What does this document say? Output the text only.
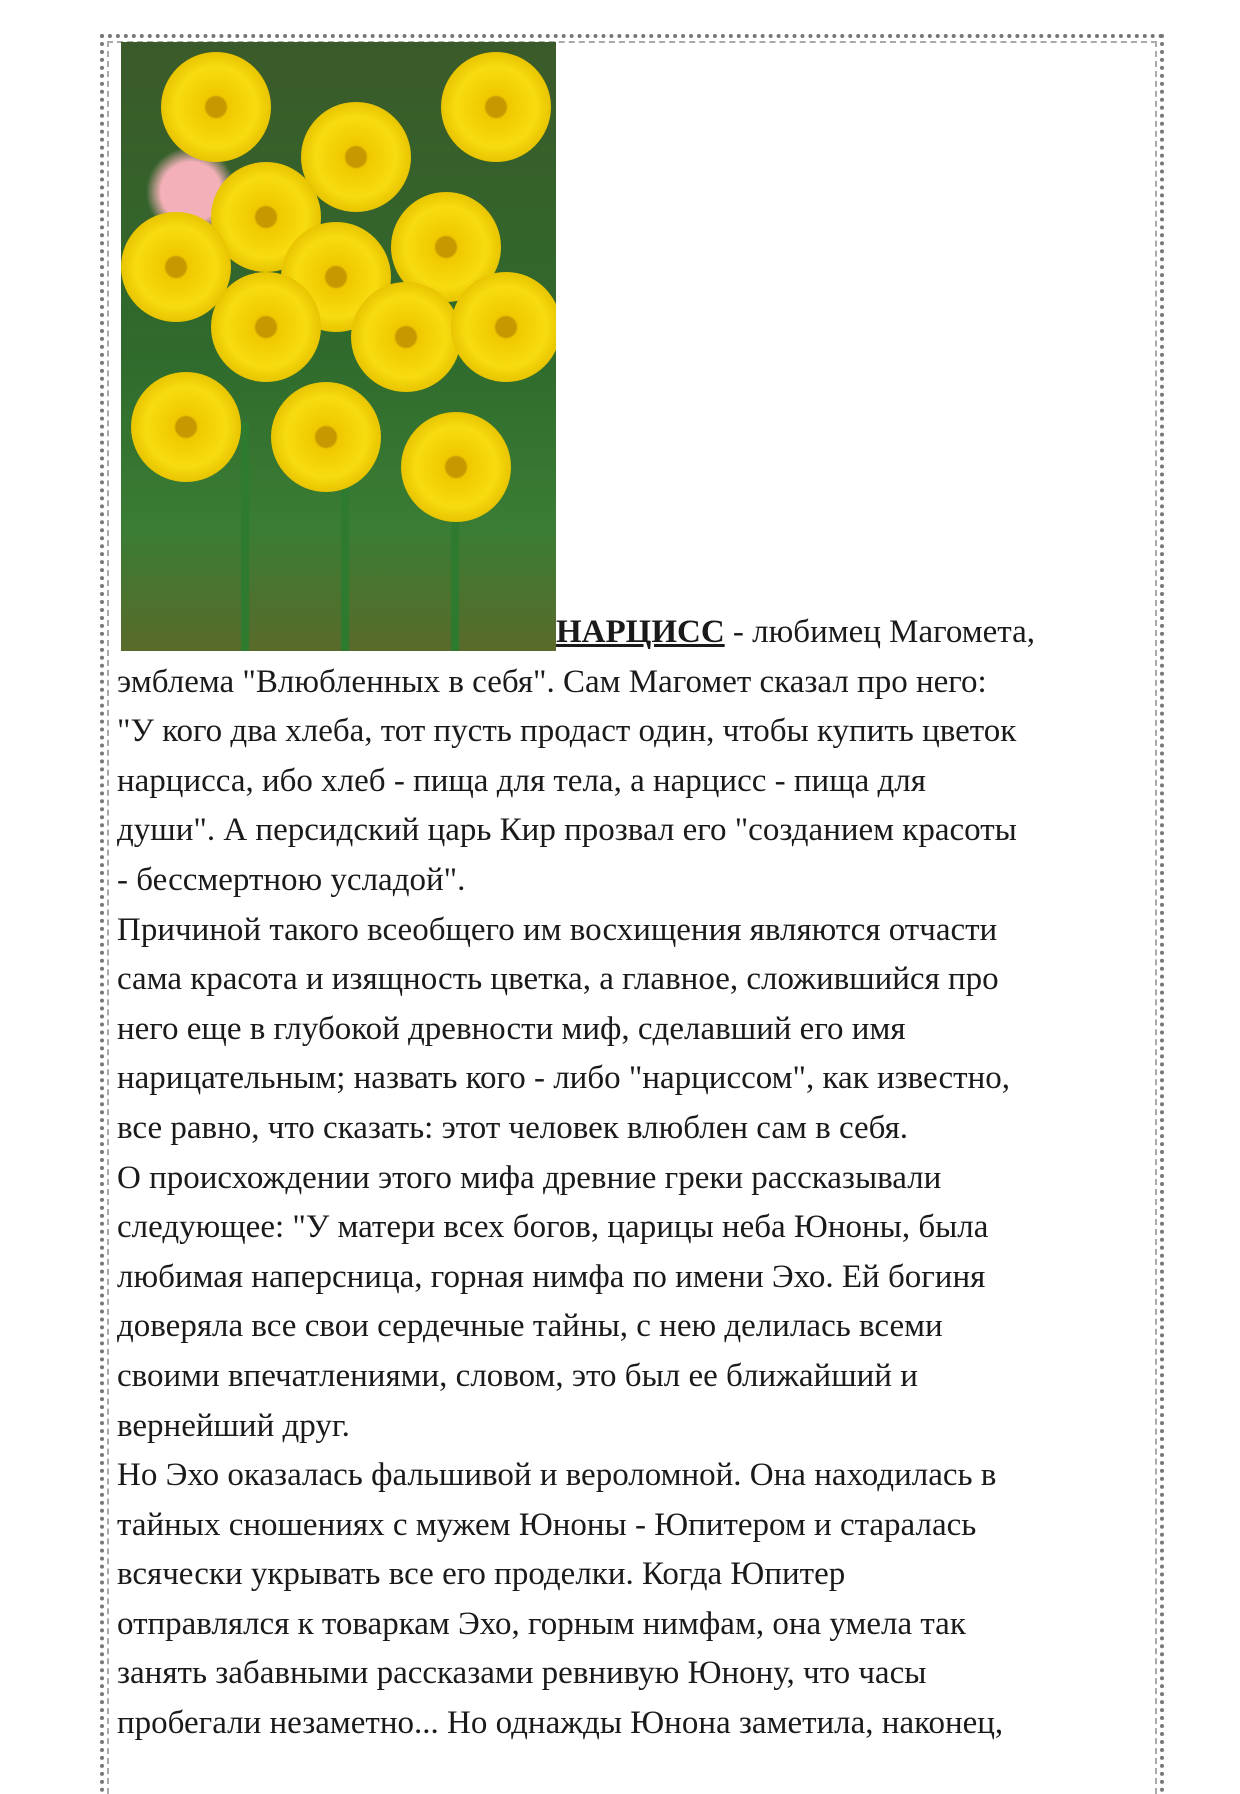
НАРЦИСС - любимец Магомета,
эмблема "Влюбленных в себя". Сам Магомет сказал про него:
"У кого два хлеба, тот пусть продаст один, чтобы купить цветок
нарцисса, ибо хлеб - пища для тела, а нарцисс - пища для
души". А персидский царь Кир прозвал его "созданием красоты
- бессмертною усладой".
Причиной такого всеобщего им восхищения являются отчасти
сама красота и изящность цветка, а главное, сложившийся про
него еще в глубокой древности миф, сделавший его имя
нарицательным; назвать кого - либо "нарциссом", как известно,
все равно, что сказать: этот человек влюблен сам в себя.
О происхождении этого мифа древние греки рассказывали
следующее: "У матери всех богов, царицы неба Юноны, была
любимая наперсница, горная нимфа по имени Эхо. Ей богиня
доверяла все свои сердечные тайны, с нею делилась всеми
своими впечатлениями, словом, это был ее ближайший и
вернейший друг.
Но Эхо оказалась фальшивой и вероломной. Она находилась в
тайных сношениях с мужем Юноны - Юпитером и старалась
всячески укрывать все его проделки. Когда Юпитер
отправлялся к товаркам Эхо, горным нимфам, она умела так
занять забавными рассказами ревнивую Юнону, что часы
пробегали незаметно... Но однажды Юнона заметила, наконец,
